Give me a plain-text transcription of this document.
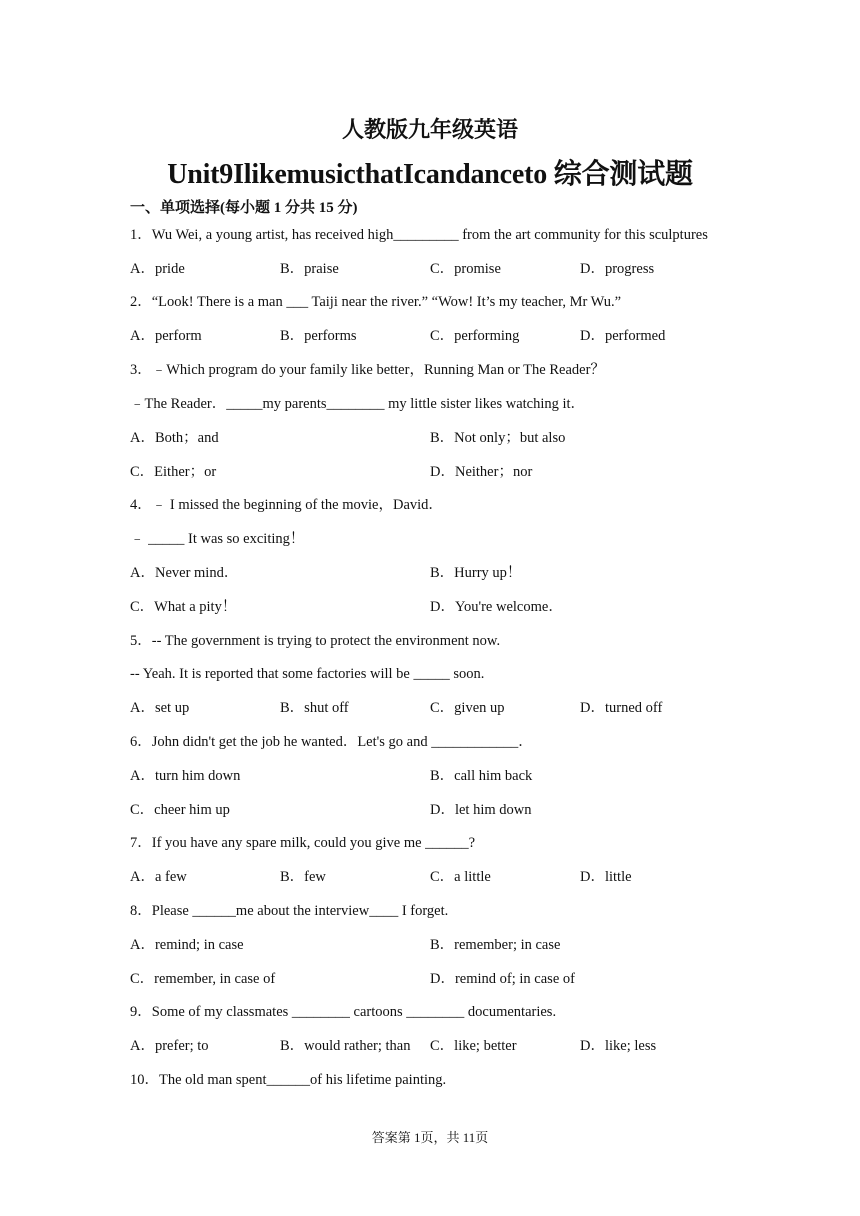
人教版九年级英语
Unit9IlikemusicthatIcandanceto 综合测试题
一、单项选择(每小题 1 分共 15 分)
1．Wu Wei, a young artist, has received high_________ from the art community for this sculptures
A．pride	B．praise	C．promise	D．progress
2．“Look! There is a man ___ Taiji near the river.” “Wow! It’s my teacher, Mr Wu.”
A．perform	B．performs	C．performing	D．performed
3．﹣Which program do your family like better，Running Man or The Reader？
﹣The Reader．_____my parents________ my little sister likes watching it．
A．Both；and	B．Not only；but also
C．Either；or	D．Neither；nor
4．﹣ I missed the beginning of the movie，David．
﹣ _____ It was so exciting！
A．Never mind．	B．Hurry up！
C．What a pity！	D．You're welcome．
5．-- The government is trying to protect the environment now.
-- Yeah. It is reported that some factories will be _____ soon.
A．set up	B．shut off	C．given up	D．turned off
6．John didn't get the job he wanted．Let's go and ____________．
A．turn him down	B．call him back
C．cheer him up	D．let him down
7．If you have any spare milk, could you give me ______?
A．a few	B．few	C．a little	D．little
8．Please ______me about the interview____ I forget.
A．remind; in case	B．remember; in case
C．remember, in case of	D．remind of; in case of
9．Some of my classmates ________ cartoons ________ documentaries.
A．prefer; to	B．would rather; than C．like; better	D．like; less
10．The old man spent______of his lifetime painting.
答案第 1页，共 11页
